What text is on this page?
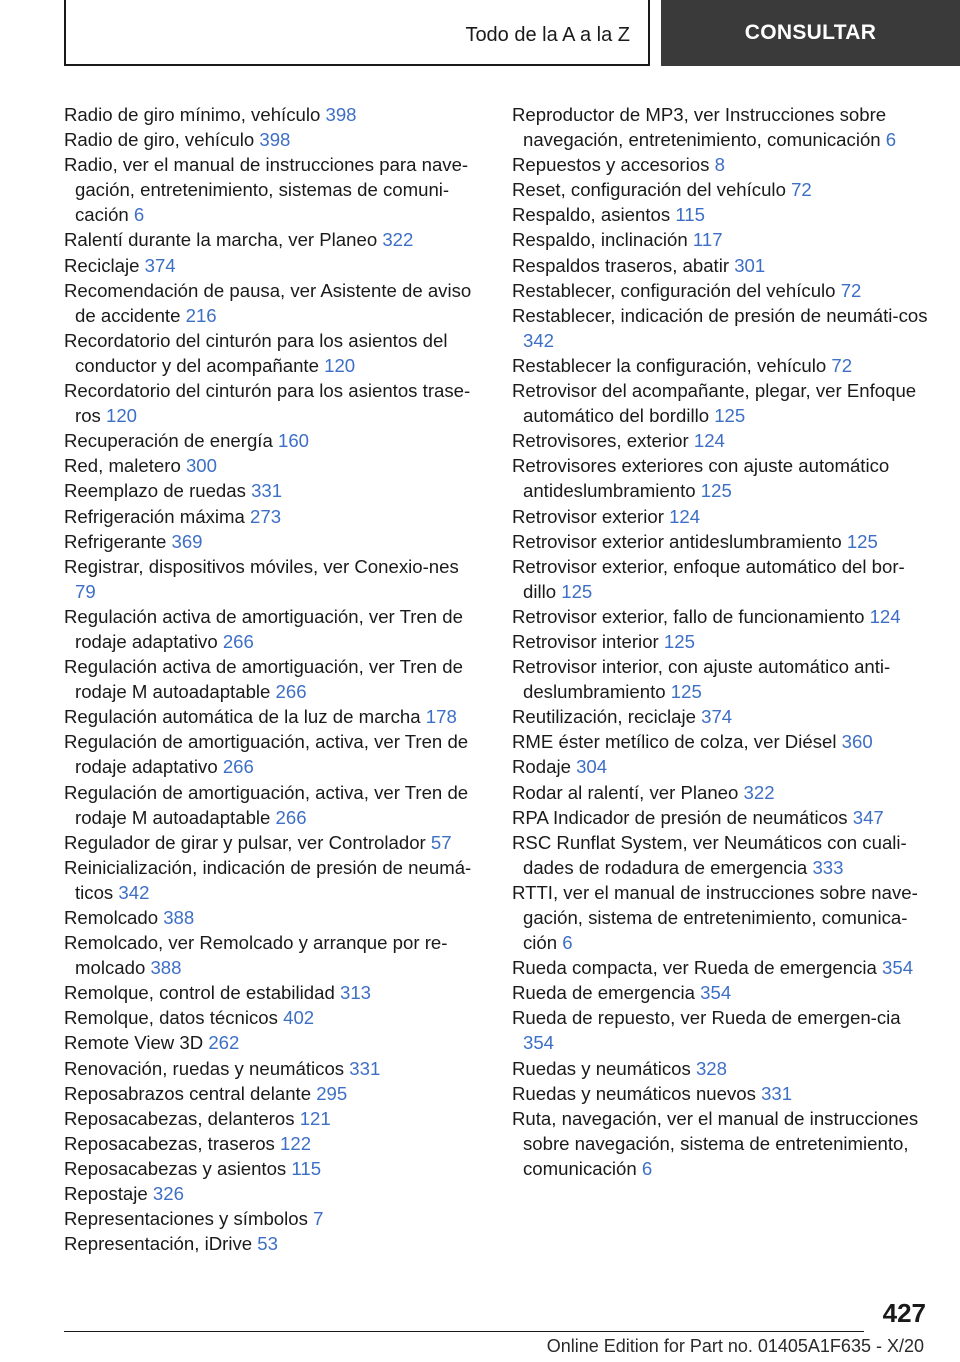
Todo de la A a la Z	CONSULTAR
Radio de giro mínimo, vehículo 398
Radio de giro, vehículo 398
Radio, ver el manual de instrucciones para nave‐gación, entretenimiento, sistemas de comuni‐cación 6
Ralentí durante la marcha, ver Planeo 322
Reciclaje 374
Recomendación de pausa, ver Asistente de aviso de accidente 216
Recordatorio del cinturón para los asientos del conductor y del acompañante 120
Recordatorio del cinturón para los asientos trase‐ros 120
Recuperación de energía 160
Red, maletero 300
Reemplazo de ruedas 331
Refrigeración máxima 273
Refrigerante 369
Registrar, dispositivos móviles, ver Conexio‐nes 79
Regulación activa de amortiguación, ver Tren de rodaje adaptativo 266
Regulación activa de amortiguación, ver Tren de rodaje M autoadaptable 266
Regulación automática de la luz de marcha 178
Regulación de amortiguación, activa, ver Tren de rodaje adaptativo 266
Regulación de amortiguación, activa, ver Tren de rodaje M autoadaptable 266
Regulador de girar y pulsar, ver Controlador 57
Reinicialización, indicación de presión de neumá‐ticos 342
Remolcado 388
Remolcado, ver Remolcado y arranque por re‐molcado 388
Remolque, control de estabilidad 313
Remolque, datos técnicos 402
Remote View 3D 262
Renovación, ruedas y neumáticos 331
Reposabrazos central delante 295
Reposacabezas, delanteros 121
Reposacabezas, traseros 122
Reposacabezas y asientos 115
Repostaje 326
Representaciones y símbolos 7
Representación, iDrive 53
Reproductor de MP3, ver Instrucciones sobre navegación, entretenimiento, comunicación 6
Repuestos y accesorios 8
Reset, configuración del vehículo 72
Respaldo, asientos 115
Respaldo, inclinación 117
Respaldos traseros, abatir 301
Restablecer, configuración del vehículo 72
Restablecer, indicación de presión de neumáti‐cos 342
Restablecer la configuración, vehículo 72
Retrovisor del acompañante, plegar, ver Enfoque automático del bordillo 125
Retrovisores, exterior 124
Retrovisores exteriores con ajuste automático antideslumbramiento 125
Retrovisor exterior 124
Retrovisor exterior antideslumbramiento 125
Retrovisor exterior, enfoque automático del bor‐dillo 125
Retrovisor exterior, fallo de funcionamiento 124
Retrovisor interior 125
Retrovisor interior, con ajuste automático anti‐deslumbramiento 125
Reutilización, reciclaje 374
RME éster metílico de colza, ver Diésel 360
Rodaje 304
Rodar al ralentí, ver Planeo 322
RPA Indicador de presión de neumáticos 347
RSC Runflat System, ver Neumáticos con cuali‐dades de rodadura de emergencia 333
RTTI, ver el manual de instrucciones sobre nave‐gación, sistema de entretenimiento, comunica‐ción 6
Rueda compacta, ver Rueda de emergencia 354
Rueda de emergencia 354
Rueda de repuesto, ver Rueda de emergen‐cia 354
Ruedas y neumáticos 328
Ruedas y neumáticos nuevos 331
Ruta, navegación, ver el manual de instrucciones sobre navegación, sistema de entretenimiento, comunicación 6
427
Online Edition for Part no. 01405A1F635 - X/20
